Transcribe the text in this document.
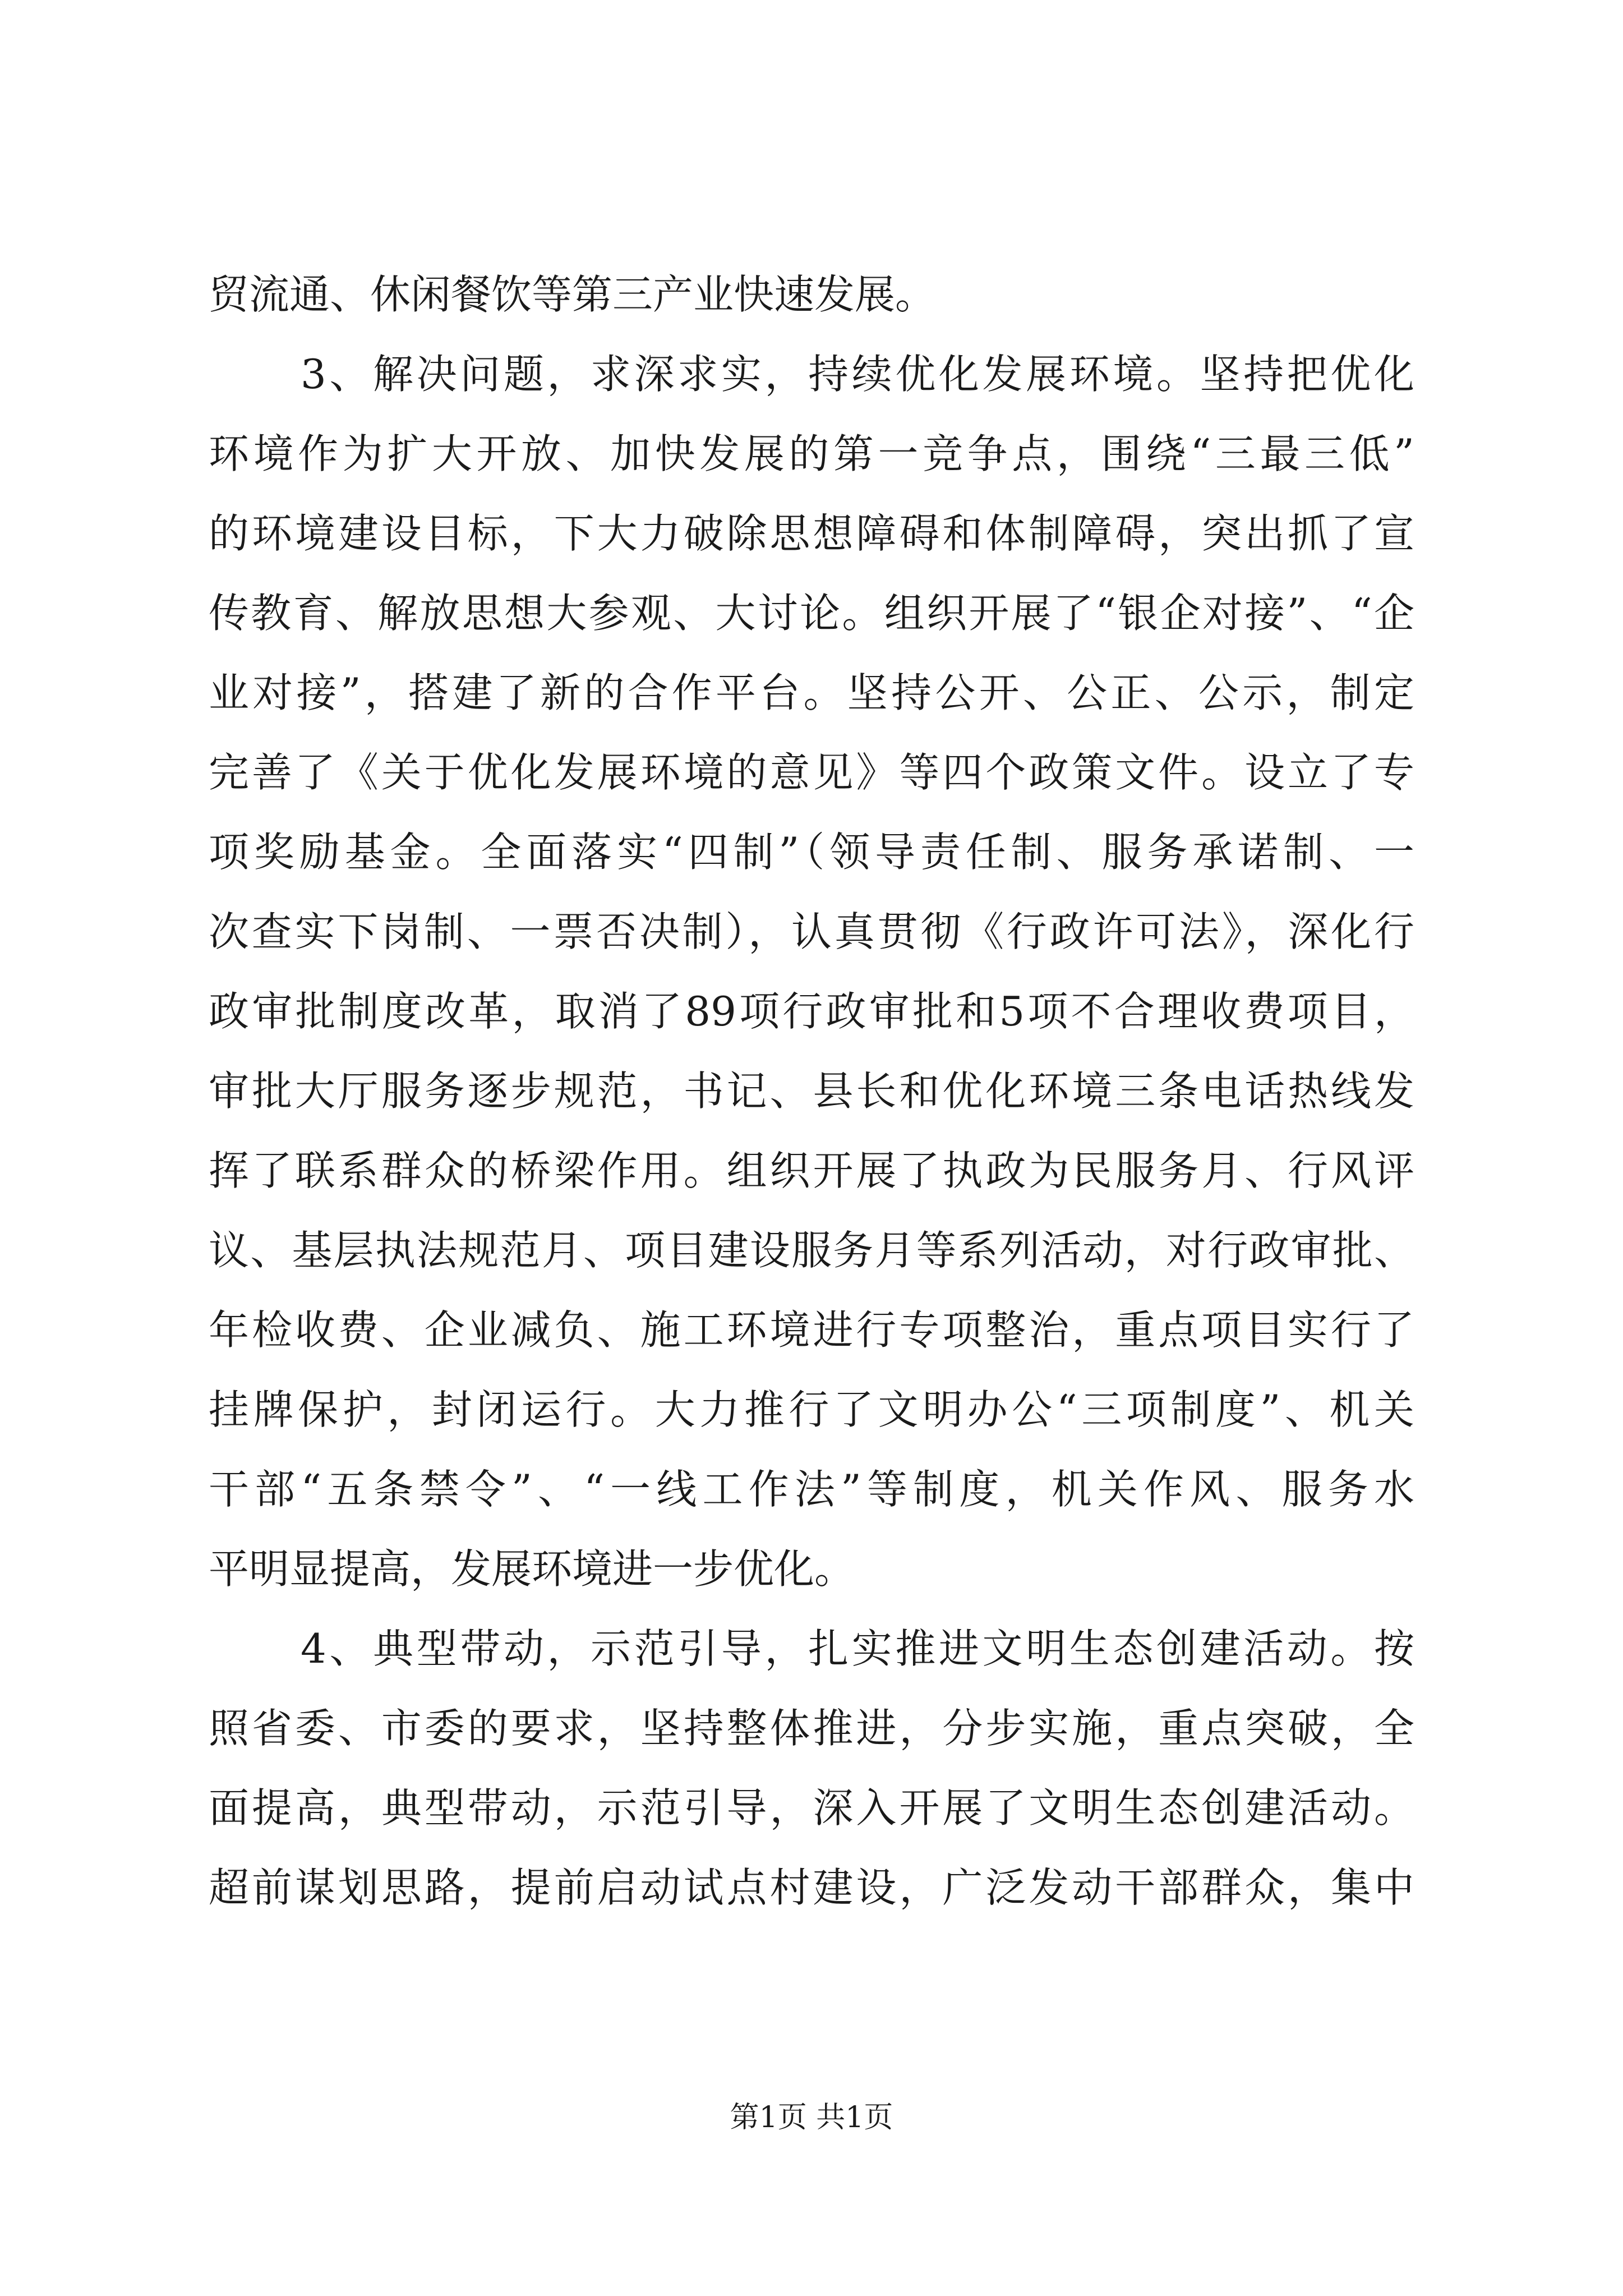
贸流通、休闲餐饮等第三产业快速发展。
3、解决问题，求深求实，持续优化发展环境。坚持把优化
环境作为扩大开放、加快发展的第一竞争点，围绕“三最三低”
的环境建设目标，下大力破除思想障碍和体制障碍，突出抓了宣
传教育、解放思想大参观、大讨论。组织开展了“银企对接”、“企
业对接”，搭建了新的合作平台。坚持公开、公正、公示，制定
完善了《关于优化发展环境的意见》等四个政策文件。设立了专
项奖励基金。全面落实“四制”（领导责任制、服务承诺制、一
次查实下岗制、一票否决制），认真贯彻《行政许可法》，深化行
政审批制度改革，取消了89项行政审批和5项不合理收费项目，
审批大厅服务逐步规范，书记、县长和优化环境三条电话热线发
挥了联系群众的桥梁作用。组织开展了执政为民服务月、行风评
议、基层执法规范月、项目建设服务月等系列活动，对行政审批、
年检收费、企业减负、施工环境进行专项整治，重点项目实行了
挂牌保护，封闭运行。大力推行了文明办公“三项制度”、机关
干部“五条禁令”、“一线工作法”等制度，机关作风、服务水
平明显提高，发展环境进一步优化。
4、典型带动，示范引导，扎实推进文明生态创建活动。按
照省委、市委的要求，坚持整体推进，分步实施，重点突破，全
面提高，典型带动，示范引导，深入开展了文明生态创建活动。
超前谋划思路，提前启动试点村建设，广泛发动干部群众，集中
第1页 共1页
